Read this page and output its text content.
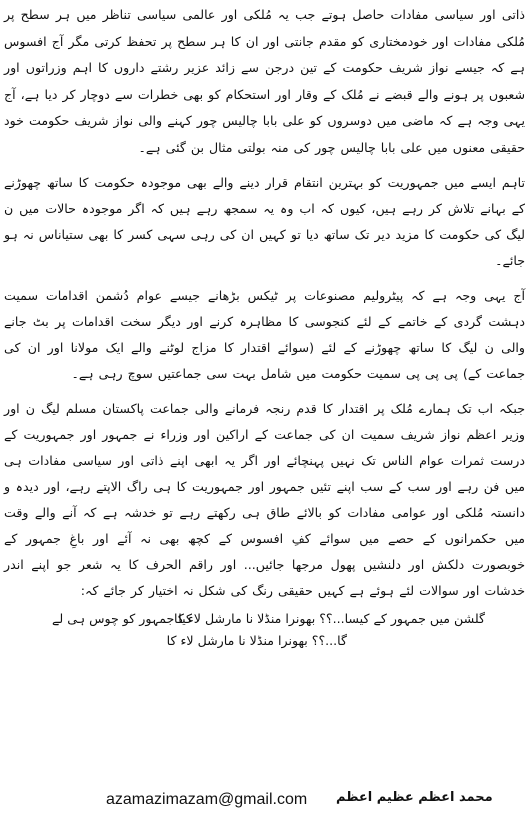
ذاتی اور سیاسی مفادات حاصل ہوتے جب یہ مُلکی اور عالمی سیاسی تناظر میں ہر سطح پر مُلکی مفادات اور خودمختاری کو مقدم جانتی اور ان کا ہر سطح پر تحفظ کرتی مگر آج افسوس ہے کہ جیسے نواز شریف حکومت کے تین درجن سے زائد عزیر رشتے داروں کا اہم وزراتوں اور شعبوں پر ہونے والے قبضے نے مُلک کے وقار اور استحکام کو بھی خطرات سے دوچار کر دیا ہے، آج یہی وجہ ہے کہ ماضی میں دوسروں کو علی بابا چالیس چور کہنے والی نواز شریف حکومت خود حقیقی معنوں میں علی بابا چالیس چور کی منہ بولتی مثال بن گئی ہے۔

تاہم ایسے میں جمہوریت کو بہترین انتقام قرار دینے والے بھی موجودہ حکومت کا ساتھ چھوڑنے کے بہانے تلاش کر رہے ہیں، کیوں کہ اب وہ یہ سمجھ رہے ہیں کہ اگر موجودہ حالات میں ن لیگ کی حکومت کا مزید دیر تک ساتھ دیا تو کہیں ان کی رہی سہی کسر کا بھی ستیاناس نہ ہو جائے۔

آج یہی وجہ ہے کہ پیٹرولیم مصنوعات پر ٹیکس بڑھانے جیسے عوام دُشمن اقدامات سمیت دہشت گردی کے خاتمے کے لئے کنجوسی کا مظاہرہ کرنے اور دیگر سخت اقدامات پر بٹ جانے والی ن لیگ کا ساتھ چھوڑنے کے لئے (سوائے اقتدار کا مزاج لوٹنے والے ایک مولانا اور ان کی جماعت کے) پی پی پی سمیت حکومت میں شامل بہت سی جماعتیں سوچ رہی ہے۔

جبکہ اب تک ہمارے مُلک پر اقتدار کا قدم رنجہ فرمانے والی جماعت پاکستان مسلم لیگ ن اور وزیر اعظم نواز شریف سمیت ان کی جماعت کے اراکین اور وزراء نے جمہور اور جمہوریت کے درست ثمرات عوام الناس تک نہیں پہنچائے اور اگر یہ ابھی اپنے ذاتی اور سیاسی مفادات ہی میں فن رہے اور سب کے سب اپنے تئیں جمہور اور جمہوریت کا ہی راگ الاپتے رہے، اور دیدہ و دانستہ مُلکی اور عوامی مفادات کو بالائے طاق ہی رکھتے رہے تو خدشہ ہے کہ آنے والے وقت میں حکمرانوں کے حصے میں سوائے کفِ افسوس کے کچھ بھی نہ آئے اور باغِ جمہور کے خوبصورت دلکش اور دلنشیں پھول مرجھا جائیں... اور راقم الحرف کا یہ شعر جو اپنے اندر خدشات اور سوالات لئے ہوئے ہے کہیں حقیقی رنگ کی شکل نہ اختیار کر جائے کہ:

گلشن میں جمہور کے کیسا...؟؟ بھونرا منڈلا نا مارشل لاء کا
کیا جمہور کو چوس ہی لے
گا...؟؟ بھونرا منڈلا نا مارشل لاء کا
azamazimazam@gmail.com محمد اعظم عظیم اعظم
